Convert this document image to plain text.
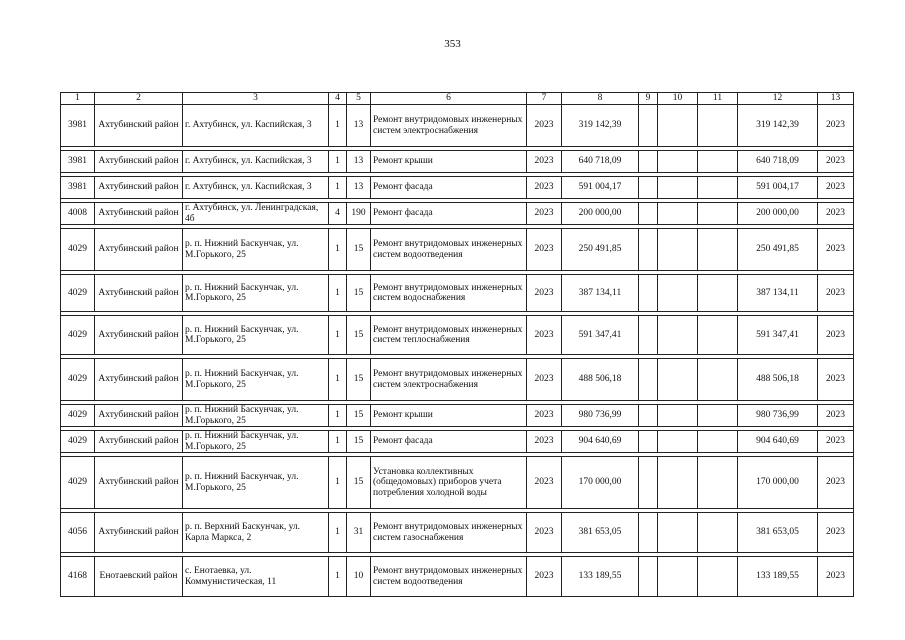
353
1	2	3	4	5	6	7	8	9	10	11	12	13
3981	Ахтубинский район	г. Ахтубинск, ул. Каспийская, 3	1	13	Ремонт внутридомовых инженерных систем электроснабжения	2023	319 142,39				319 142,39	2023

3981	Ахтубинский район	г. Ахтубинск, ул. Каспийская, 3	1	13	Ремонт крыши	2023	640 718,09				640 718,09	2023

3981	Ахтубинский район	г. Ахтубинск, ул. Каспийская, 3	1	13	Ремонт фасада	2023	591 004,17				591 004,17	2023

4008	Ахтубинский район	г. Ахтубинск, ул. Ленинградская, 4б	4	190	Ремонт фасада	2023	200 000,00				200 000,00	2023

4029	Ахтубинский район	р. п. Нижний Баскунчак, ул. М.Горького, 25	1	15	Ремонт внутридомовых инженерных систем водоотведения	2023	250 491,85				250 491,85	2023

4029	Ахтубинский район	р. п. Нижний Баскунчак, ул. М.Горького, 25	1	15	Ремонт внутридомовых инженерных систем водоснабжения	2023	387 134,11				387 134,11	2023

4029	Ахтубинский район	р. п. Нижний Баскунчак, ул. М.Горького, 25	1	15	Ремонт внутридомовых инженерных систем теплоснабжения	2023	591 347,41				591 347,41	2023

4029	Ахтубинский район	р. п. Нижний Баскунчак, ул. М.Горького, 25	1	15	Ремонт внутридомовых инженерных систем электроснабжения	2023	488 506,18				488 506,18	2023

4029	Ахтубинский район	р. п. Нижний Баскунчак, ул. М.Горького, 25	1	15	Ремонт крыши	2023	980 736,99				980 736,99	2023

4029	Ахтубинский район	р. п. Нижний Баскунчак, ул. М.Горького, 25	1	15	Ремонт фасада	2023	904 640,69				904 640,69	2023

4029	Ахтубинский район	р. п. Нижний Баскунчак, ул. М.Горького, 25	1	15	Установка коллективных (общедомовых) приборов учета потребления холодной воды	2023	170 000,00				170 000,00	2023

4056	Ахтубинский район	р. п. Верхний Баскунчак, ул. Карла Маркса, 2	1	31	Ремонт внутридомовых инженерных систем газоснабжения	2023	381 653,05				381 653,05	2023

4168	Енотаевский район	с. Енотаевка, ул. Коммунистическая, 11	1	10	Ремонт внутридомовых инженерных систем водоотведения	2023	133 189,55				133 189,55	2023
